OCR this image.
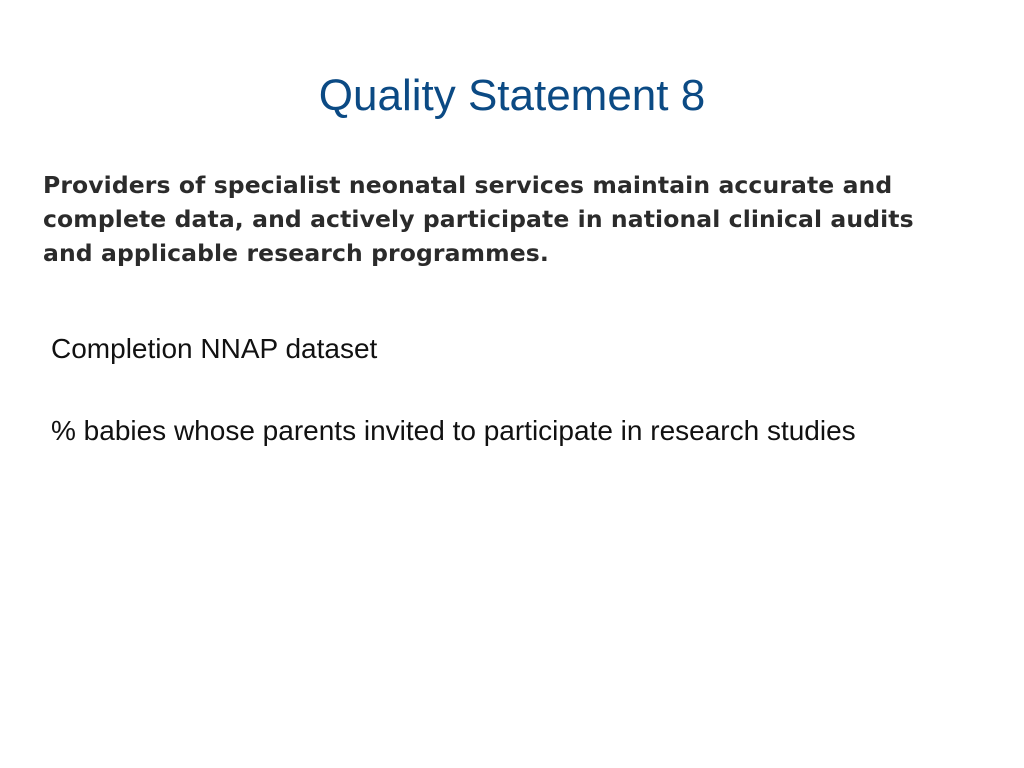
Quality Statement 8
Providers of specialist neonatal services maintain accurate and
complete data, and actively participate in national clinical audits
and applicable research programmes.

Completion NNAP dataset

% babies whose parents invited to participate in research studies
